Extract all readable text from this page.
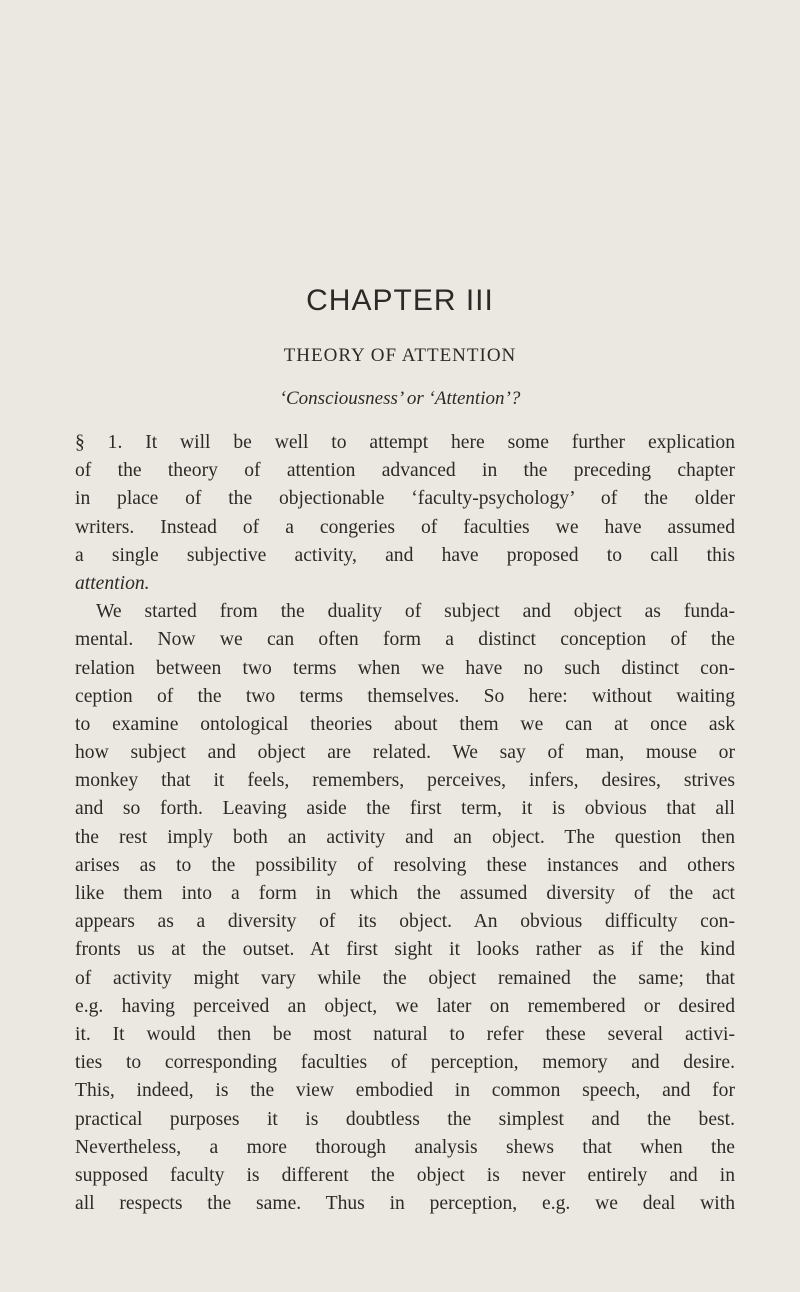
CHAPTER III
THEORY OF ATTENTION
‘Consciousness’ or ‘Attention’?
§ 1. It will be well to attempt here some further explication
of the theory of attention advanced in the preceding chapter
in place of the objectionable ‘faculty-psychology’ of the older
writers. Instead of a congeries of faculties we have assumed
a single subjective activity, and have proposed to call this
attention.
We started from the duality of subject and object as funda-
mental. Now we can often form a distinct conception of the
relation between two terms when we have no such distinct con-
ception of the two terms themselves. So here: without waiting
to examine ontological theories about them we can at once ask
how subject and object are related. We say of man, mouse or
monkey that it feels, remembers, perceives, infers, desires, strives
and so forth. Leaving aside the first term, it is obvious that all
the rest imply both an activity and an object. The question then
arises as to the possibility of resolving these instances and others
like them into a form in which the assumed diversity of the act
appears as a diversity of its object. An obvious difficulty con-
fronts us at the outset. At first sight it looks rather as if the kind
of activity might vary while the object remained the same; that
e.g. having perceived an object, we later on remembered or desired
it. It would then be most natural to refer these several activi-
ties to corresponding faculties of perception, memory and desire.
This, indeed, is the view embodied in common speech, and for
practical purposes it is doubtless the simplest and the best.
Nevertheless, a more thorough analysis shews that when the
supposed faculty is different the object is never entirely and in
all respects the same. Thus in perception, e.g. we deal with
